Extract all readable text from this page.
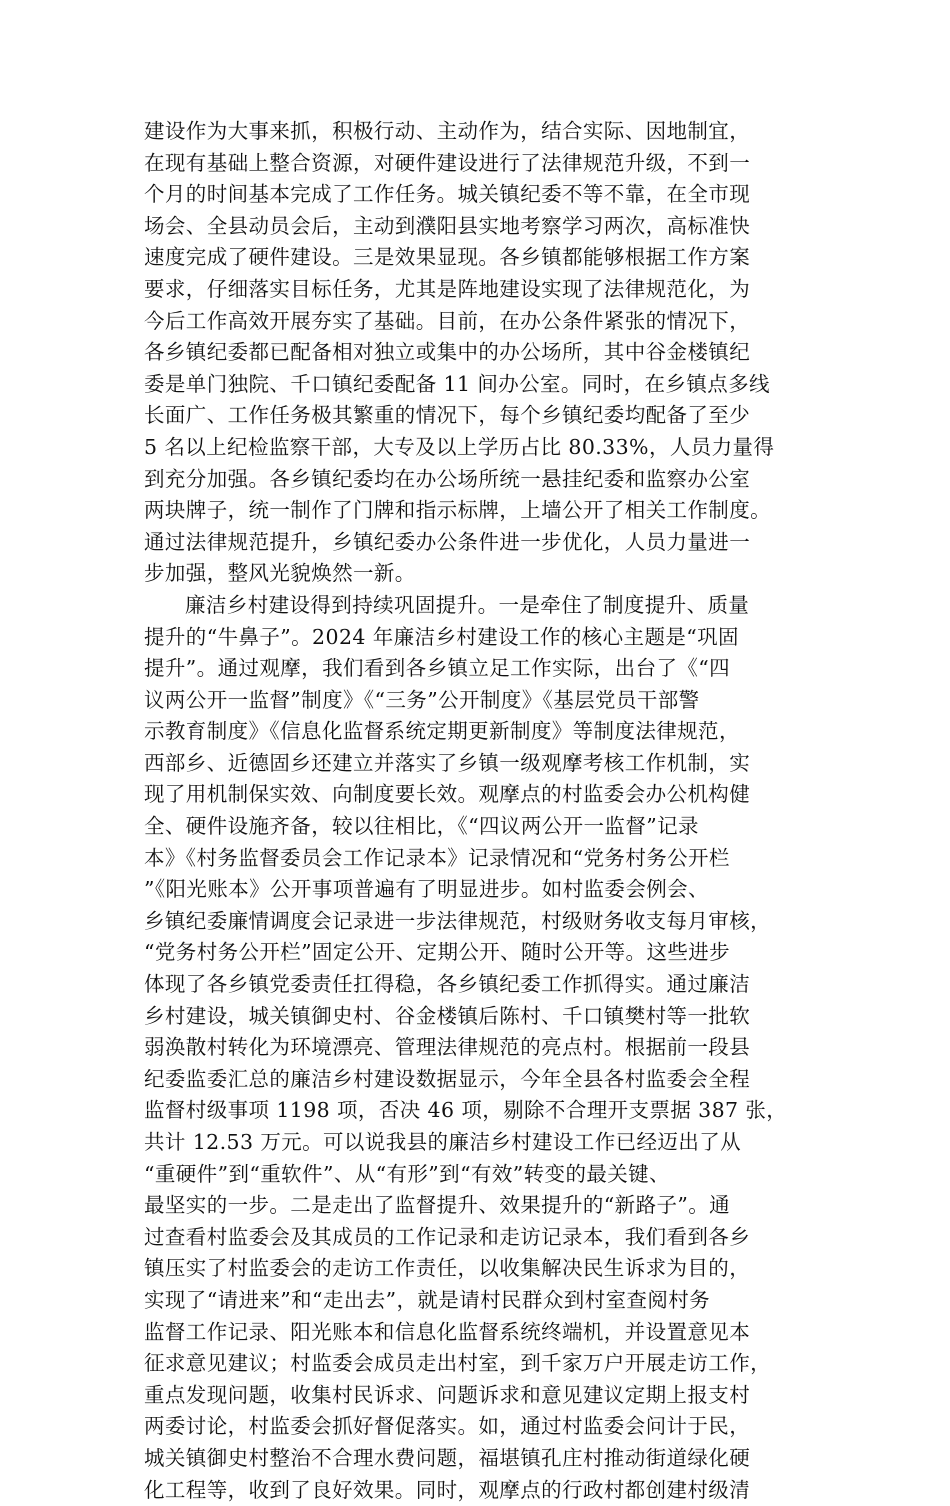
建设作为大事来抓，积极行动、主动作为，结合实际、因地制宜，
在现有基础上整合资源，对硬件建设进行了法律规范升级，不到一
个月的时间基本完成了工作任务。城关镇纪委不等不靠，在全市现
场会、全县动员会后，主动到濮阳县实地考察学习两次，高标准快
速度完成了硬件建设。三是效果显现。各乡镇都能够根据工作方案
要求，仔细落实目标任务，尤其是阵地建设实现了法律规范化，为
今后工作高效开展夯实了基础。目前，在办公条件紧张的情况下，
各乡镇纪委都已配备相对独立或集中的办公场所，其中谷金楼镇纪
委是单门独院、千口镇纪委配备 11 间办公室。同时，在乡镇点多线
长面广、工作任务极其繁重的情况下，每个乡镇纪委均配备了至少
5 名以上纪检监察干部，大专及以上学历占比 80.33%，人员力量得
到充分加强。各乡镇纪委均在办公场所统一悬挂纪委和监察办公室
两块牌子，统一制作了门牌和指示标牌，上墙公开了相关工作制度。
通过法律规范提升，乡镇纪委办公条件进一步优化，人员力量进一
步加强，整风光貌焕然一新。
廉洁乡村建设得到持续巩固提升。一是牵住了制度提升、质量
提升的“牛鼻子”。2024 年廉洁乡村建设工作的核心主题是“巩固
提升”。通过观摩，我们看到各乡镇立足工作实际，出台了《“四
议两公开一监督”制度》《“三务”公开制度》《基层党员干部警
示教育制度》《信息化监督系统定期更新制度》等制度法律规范，
西部乡、近德固乡还建立并落实了乡镇一级观摩考核工作机制，实
现了用机制保实效、向制度要长效。观摩点的村监委会办公机构健
全、硬件设施齐备，较以往相比，《“四议两公开一监督”记录
本》《村务监督委员会工作记录本》记录情况和“党务村务公开栏
”《阳光账本》公开事项普遍有了明显进步。如村监委会例会、
乡镇纪委廉情调度会记录进一步法律规范，村级财务收支每月审核，
“党务村务公开栏”固定公开、定期公开、随时公开等。这些进步
体现了各乡镇党委责任扛得稳，各乡镇纪委工作抓得实。通过廉洁
乡村建设，城关镇御史村、谷金楼镇后陈村、千口镇樊村等一批软
弱涣散村转化为环境漂亮、管理法律规范的亮点村。根据前一段县
纪委监委汇总的廉洁乡村建设数据显示，今年全县各村监委会全程
监督村级事项 1198 项，否决 46 项，剔除不合理开支票据 387 张，
共计 12.53 万元。可以说我县的廉洁乡村建设工作已经迈出了从
“重硬件”到“重软件”、从“有形”到“有效”转变的最关键、
最坚实的一步。二是走出了监督提升、效果提升的“新路子”。通
过查看村监委会及其成员的工作记录和走访记录本，我们看到各乡
镇压实了村监委会的走访工作责任，以收集解决民生诉求为目的，
实现了“请进来”和“走出去”，就是请村民群众到村室查阅村务
监督工作记录、阳光账本和信息化监督系统终端机，并设置意见本
征求意见建议；村监委会成员走出村室，到千家万户开展走访工作，
重点发现问题，收集村民诉求、问题诉求和意见建议定期上报支村
两委讨论，村监委会抓好督促落实。如，通过村监委会问计于民，
城关镇御史村整治不合理水费问题，福堪镇孔庄村推动街道绿化硬
化工程等，收到了良好效果。同时，观摩点的行政村都创建村级清
